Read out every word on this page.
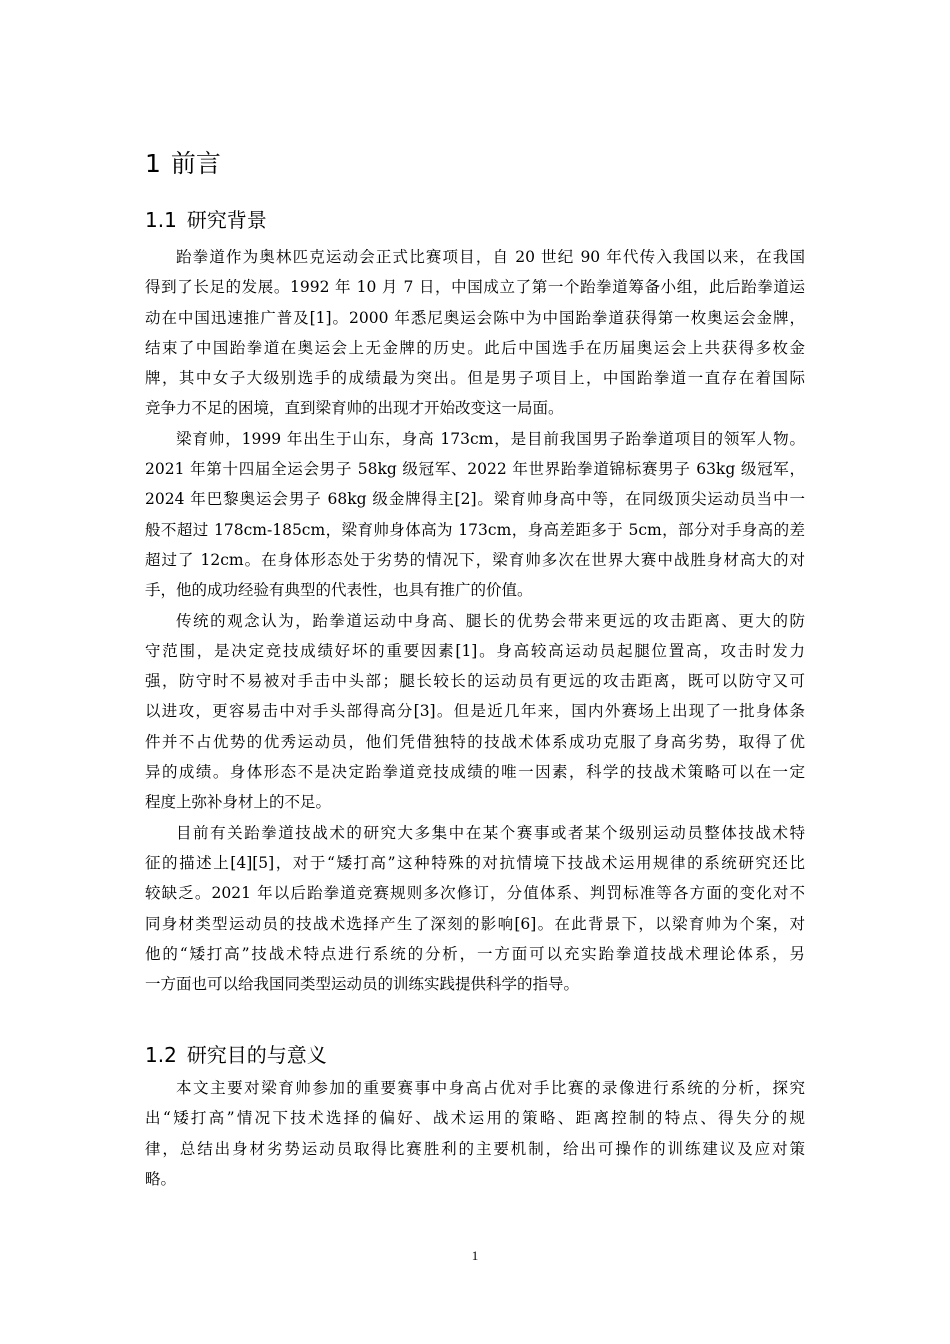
1 前言
1.1 研究背景
跆拳道作为奥林匹克运动会正式比赛项目，自 20 世纪 90 年代传入我国以来，在我国
得到了长足的发展。1992 年 10 月 7 日，中国成立了第一个跆拳道筹备小组，此后跆拳道运
动在中国迅速推广普及[1]。2000 年悉尼奥运会陈中为中国跆拳道获得第一枚奥运会金牌，
结束了中国跆拳道在奥运会上无金牌的历史。此后中国选手在历届奥运会上共获得多枚金
牌，其中女子大级别选手的成绩最为突出。但是男子项目上，中国跆拳道一直存在着国际
竞争力不足的困境，直到梁育帅的出现才开始改变这一局面。
梁育帅，1999 年出生于山东，身高 173cm，是目前我国男子跆拳道项目的领军人物。
2021 年第十四届全运会男子 58kg 级冠军、2022 年世界跆拳道锦标赛男子 63kg 级冠军，
2024 年巴黎奥运会男子 68kg 级金牌得主[2]。梁育帅身高中等，在同级顶尖运动员当中一
般不超过 178cm-185cm，梁育帅身体高为 173cm，身高差距多于 5cm，部分对手身高的差
超过了 12cm。在身体形态处于劣势的情况下，梁育帅多次在世界大赛中战胜身材高大的对
手，他的成功经验有典型的代表性，也具有推广的价值。
传统的观念认为，跆拳道运动中身高、腿长的优势会带来更远的攻击距离、更大的防
守范围，是决定竞技成绩好坏的重要因素[1]。身高较高运动员起腿位置高，攻击时发力
强，防守时不易被对手击中头部；腿长较长的运动员有更远的攻击距离，既可以防守又可
以进攻，更容易击中对手头部得高分[3]。但是近几年来，国内外赛场上出现了一批身体条
件并不占优势的优秀运动员，他们凭借独特的技战术体系成功克服了身高劣势，取得了优
异的成绩。身体形态不是决定跆拳道竞技成绩的唯一因素，科学的技战术策略可以在一定
程度上弥补身材上的不足。
目前有关跆拳道技战术的研究大多集中在某个赛事或者某个级别运动员整体技战术特
征的描述上[4][5]，对于“矮打高”这种特殊的对抗情境下技战术运用规律的系统研究还比
较缺乏。2021 年以后跆拳道竞赛规则多次修订，分值体系、判罚标准等各方面的变化对不
同身材类型运动员的技战术选择产生了深刻的影响[6]。在此背景下，以梁育帅为个案，对
他的“矮打高”技战术特点进行系统的分析，一方面可以充实跆拳道技战术理论体系，另
一方面也可以给我国同类型运动员的训练实践提供科学的指导。
1.2 研究目的与意义
本文主要对梁育帅参加的重要赛事中身高占优对手比赛的录像进行系统的分析，探究
出“矮打高”情况下技术选择的偏好、战术运用的策略、距离控制的特点、得失分的规
律，总结出身材劣势运动员取得比赛胜利的主要机制，给出可操作的训练建议及应对策
略。
1
